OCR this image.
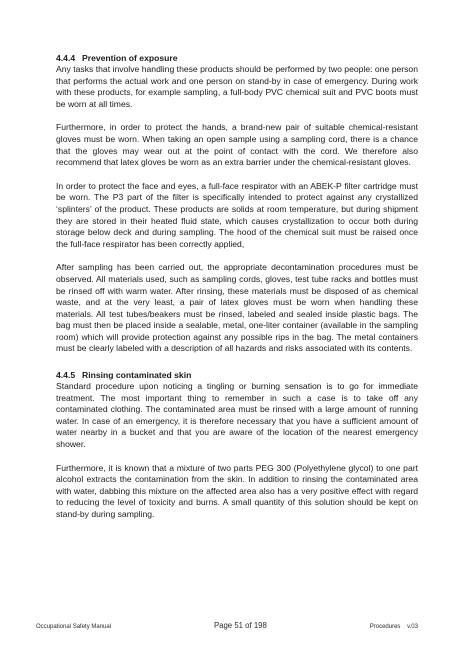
4.4.4 Prevention of exposure

Any tasks that involve handling these products should be performed by two people: one person that performs the actual work and one person on stand-by in case of emergency. During work with these products, for example sampling, a full-body PVC chemical suit and PVC boots must be worn at all times.

Furthermore, in order to protect the hands, a brand-new pair of suitable chemical-resistant gloves must be worn. When taking an open sample using a sampling cord, there is a chance that the gloves may wear out at the point of contact with the cord. We therefore also recommend that latex gloves be worn as an extra barrier under the chemical-resistant gloves.

In order to protect the face and eyes, a full-face respirator with an ABEK-P filter cartridge must be worn. The P3 part of the filter is specifically intended to protect against any crystallized ‘splinters’ of the product. These products are solids at room temperature, but during shipment they are stored in their heated fluid state, which causes crystallization to occur both during storage below deck and during sampling. The hood of the chemical suit must be raised once the full-face respirator has been correctly applied,

After sampling has been carried out, the appropriate decontamination procedures must be observed. All materials used, such as sampling cords, gloves, test tube racks and bottles must be rinsed off with warm water. After rinsing, these materials must be disposed of as chemical waste, and at the very least, a pair of latex gloves must be worn when handling these materials. All test tubes/beakers must be rinsed, labeled and sealed inside plastic bags. The bag must then be placed inside a sealable, metal, one-liter container (available in the sampling room) which will provide protection against any possible rips in the bag. The metal containers must be clearly labeled with a description of all hazards and risks associated with its contents.

4.4.5 Rinsing contaminated skin

Standard procedure upon noticing a tingling or burning sensation is to go for immediate treatment. The most important thing to remember in such a case is to take off any contaminated clothing. The contaminated area must be rinsed with a large amount of running water. In case of an emergency, it is therefore necessary that you have a sufficient amount of water nearby in a bucket and that you are aware of the location of the nearest emergency shower.

Furthermore, it is known that a mixture of two parts PEG 300 (Polyethylene glycol) to one part alcohol extracts the contamination from the skin. In addition to rinsing the contaminated area with water, dabbing this mixture on the affected area also has a very positive effect with regard to reducing the level of toxicity and burns. A small quantity of this solution should be kept on stand-by during sampling.

Occupational Safety Manual	Page 51 of 198	Procedures    v.03
